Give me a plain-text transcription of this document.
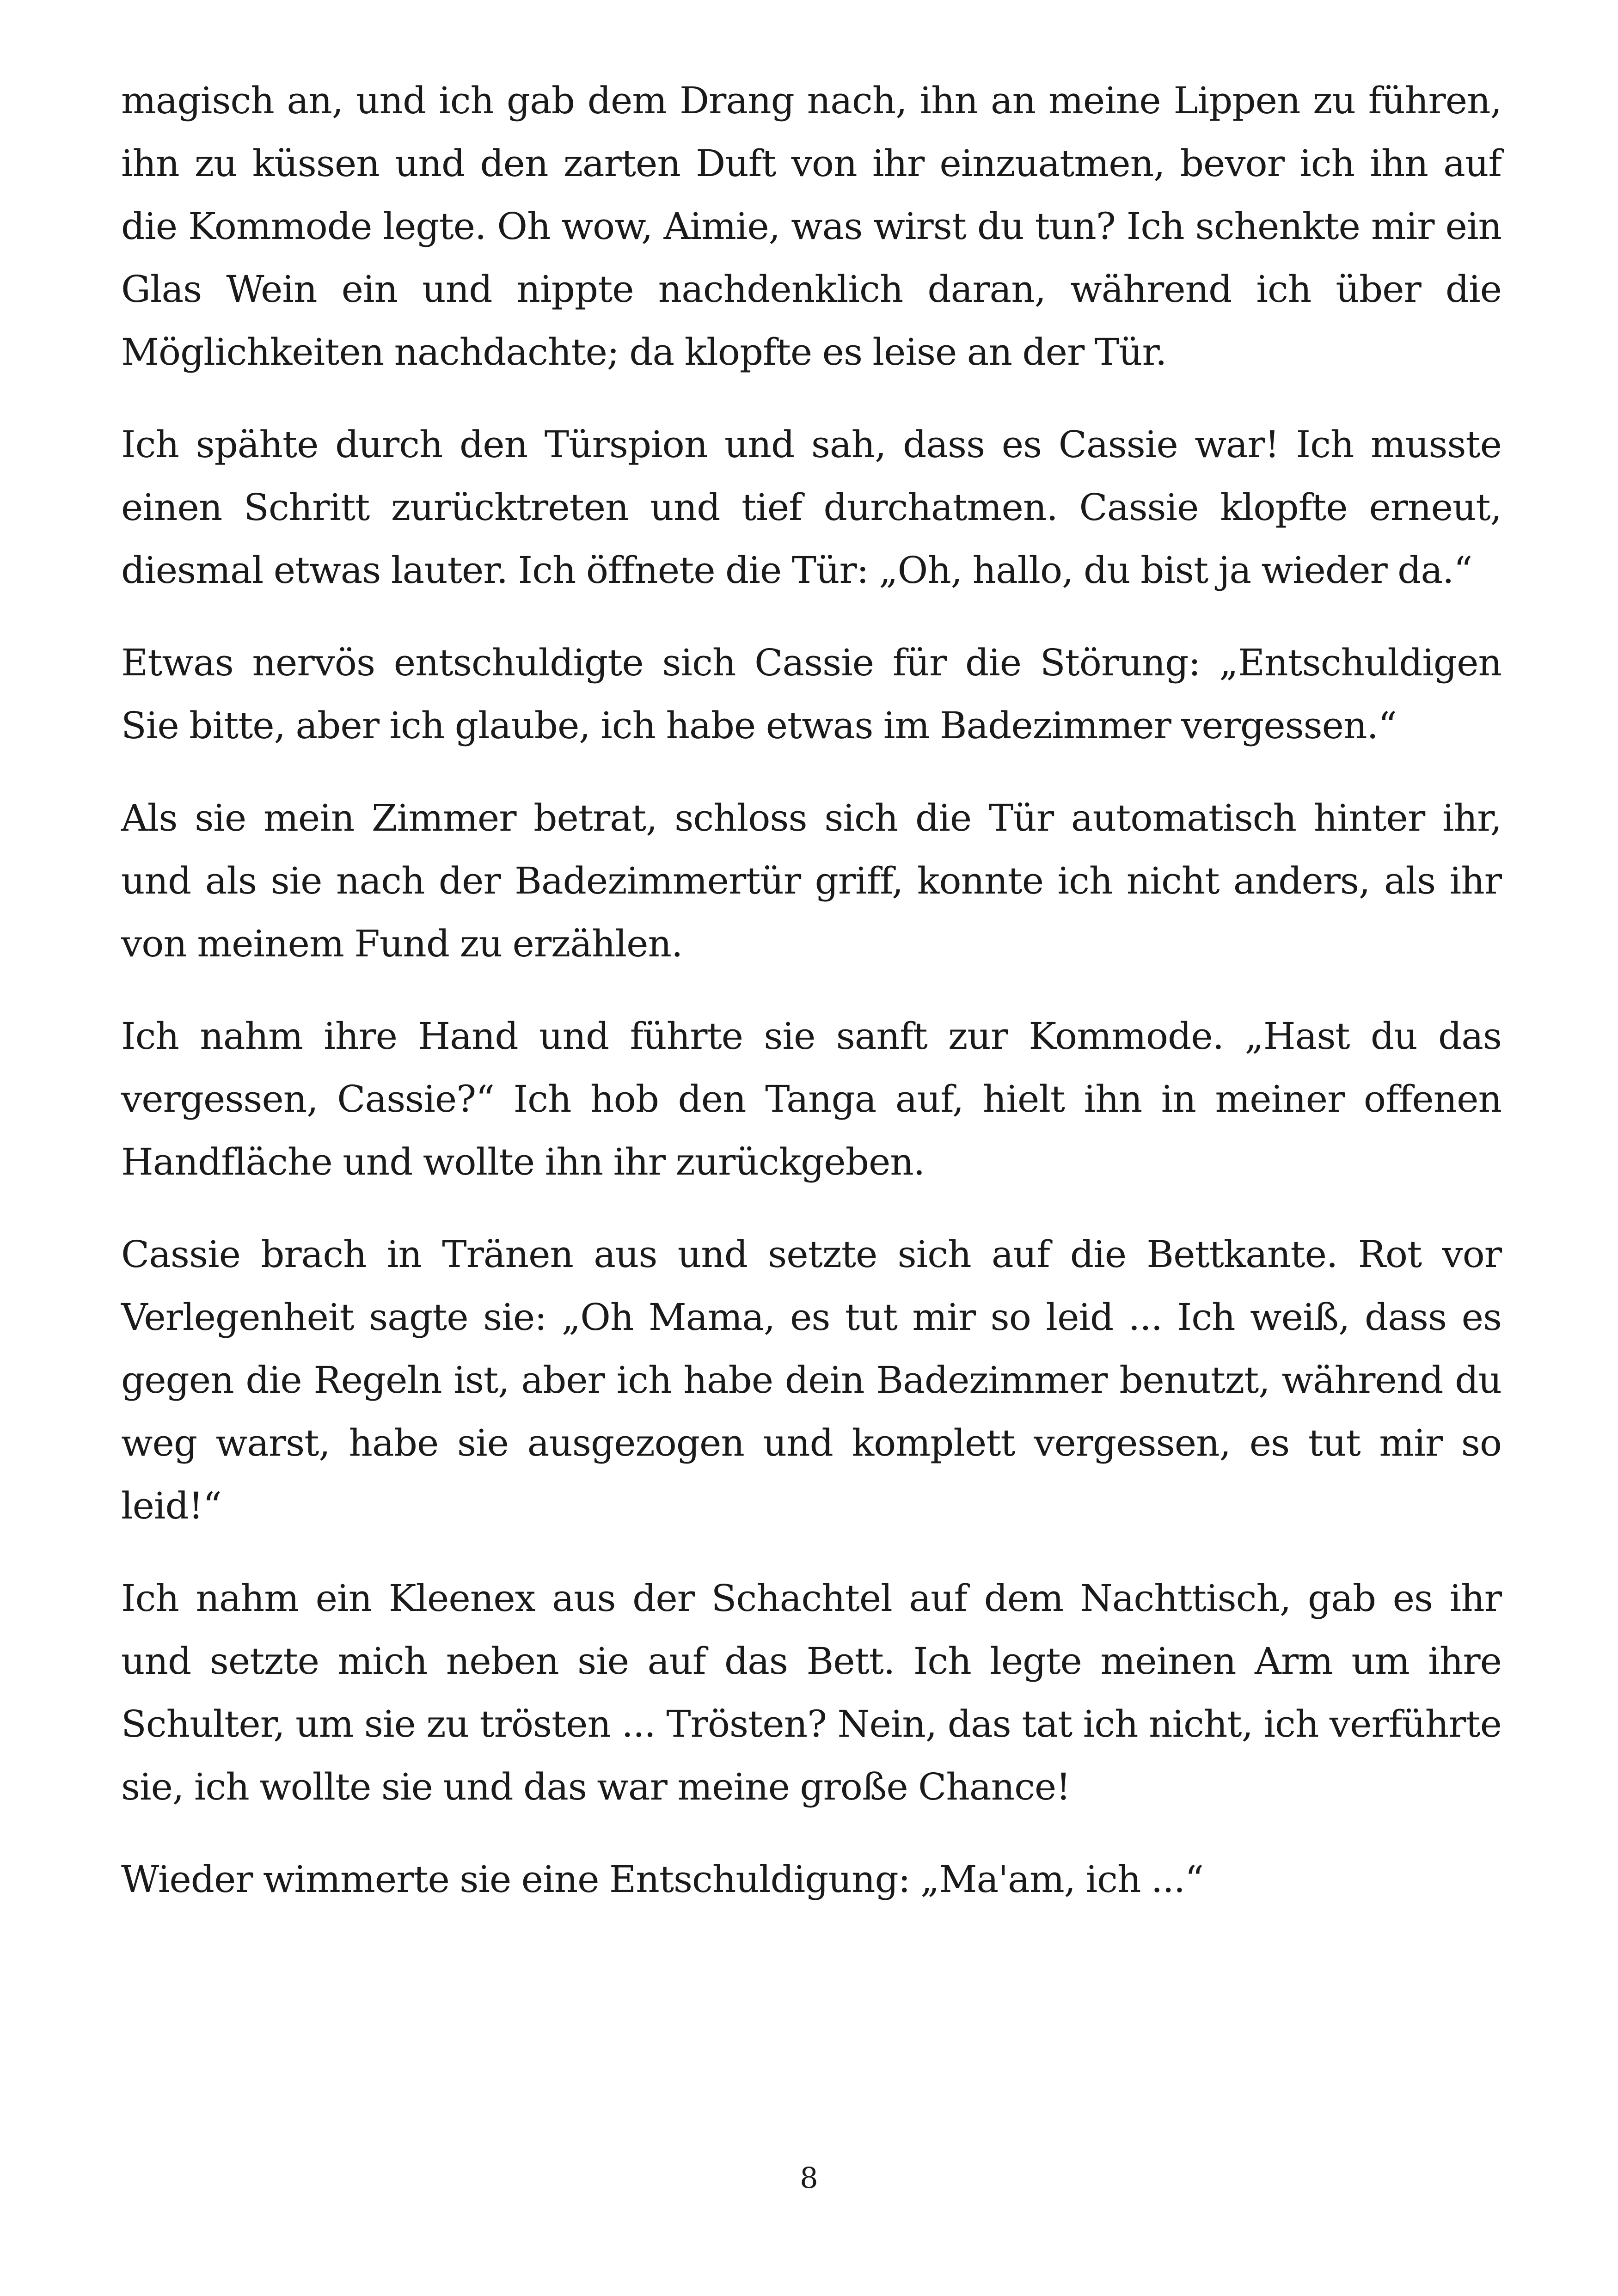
magisch an, und ich gab dem Drang nach, ihn an meine Lippen zu führen, ihn zu küssen und den zarten Duft von ihr einzuatmen, bevor ich ihn auf die Kommode legte. Oh wow, Aimie, was wirst du tun? Ich schenkte mir ein Glas Wein ein und nippte nachdenklich daran, während ich über die Möglichkeiten nachdachte; da klopfte es leise an der Tür.

Ich spähte durch den Türspion und sah, dass es Cassie war! Ich musste einen Schritt zurücktreten und tief durchatmen. Cassie klopfte erneut, diesmal etwas lauter. Ich öffnete die Tür: „Oh, hallo, du bist ja wieder da.“

Etwas nervös entschuldigte sich Cassie für die Störung: „Entschuldigen Sie bitte, aber ich glaube, ich habe etwas im Badezimmer vergessen.“

Als sie mein Zimmer betrat, schloss sich die Tür automatisch hinter ihr, und als sie nach der Badezimmertür griff, konnte ich nicht anders, als ihr von meinem Fund zu erzählen.

Ich nahm ihre Hand und führte sie sanft zur Kommode. „Hast du das vergessen, Cassie?“ Ich hob den Tanga auf, hielt ihn in meiner offenen Handfläche und wollte ihn ihr zurückgeben.

Cassie brach in Tränen aus und setzte sich auf die Bettkante. Rot vor Verlegenheit sagte sie: „Oh Mama, es tut mir so leid ... Ich weiß, dass es gegen die Regeln ist, aber ich habe dein Badezimmer benutzt, während du weg warst, habe sie ausgezogen und komplett vergessen, es tut mir so leid!“

Ich nahm ein Kleenex aus der Schachtel auf dem Nachttisch, gab es ihr und setzte mich neben sie auf das Bett. Ich legte meinen Arm um ihre Schulter, um sie zu trösten ... Trösten? Nein, das tat ich nicht, ich verführte sie, ich wollte sie und das war meine große Chance!

Wieder wimmerte sie eine Entschuldigung: „Ma'am, ich ...“

8
